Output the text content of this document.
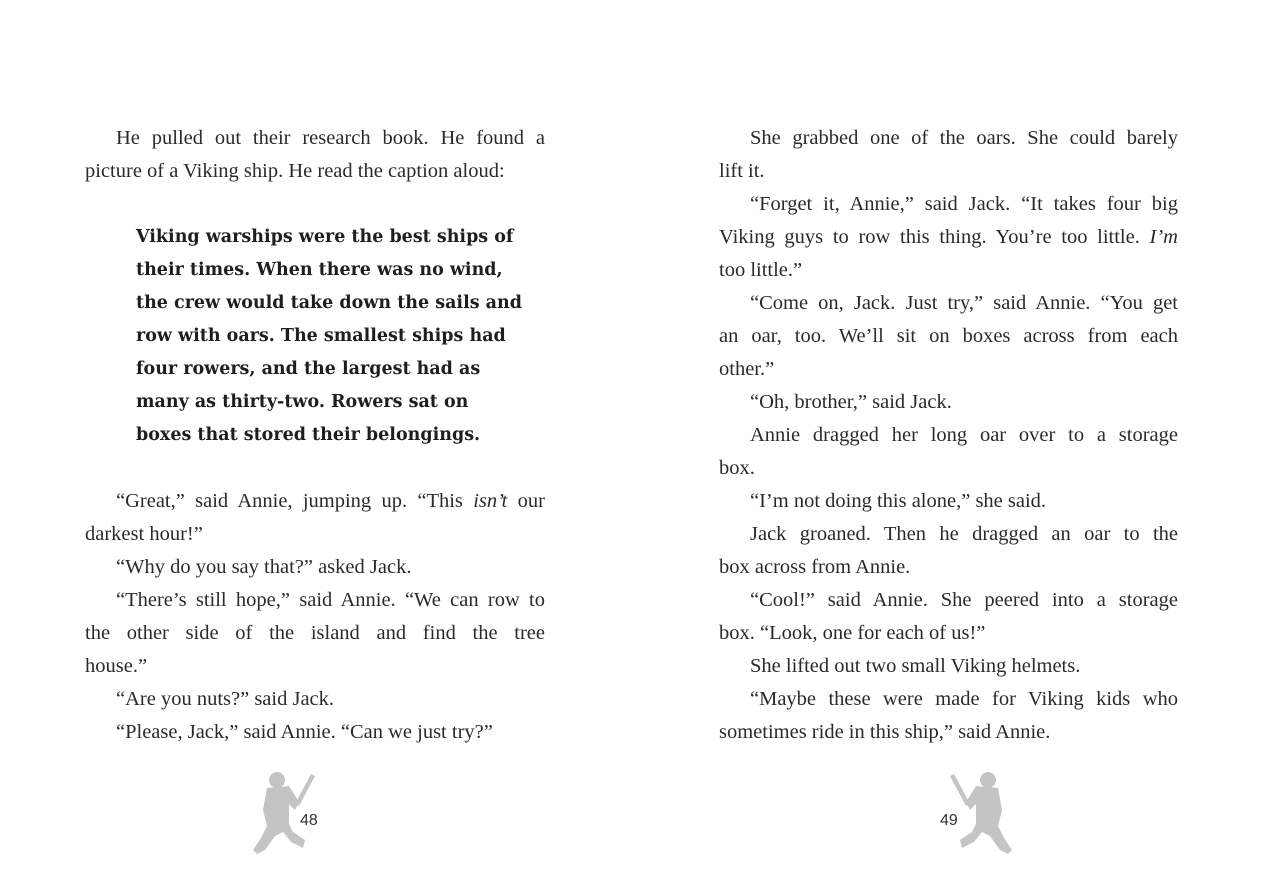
He pulled out their research book. He found a
picture of a Viking ship. He read the caption aloud:

Viking warships were the best ships of
their times. When there was no wind,
the crew would take down the sails and
row with oars. The smallest ships had
four rowers, and the largest had as
many as thirty-two. Rowers sat on
boxes that stored their belongings.

“Great,” said Annie, jumping up. “This isn’t our
darkest hour!”

“Why do you say that?” asked Jack.

“There’s still hope,” said Annie. “We can row to
the other side of the island and find the tree
house.”

“Are you nuts?” said Jack.

“Please, Jack,” said Annie. “Can we just try?”

48

She grabbed one of the oars. She could barely
lift it.

“Forget it, Annie,” said Jack. “It takes four big
Viking guys to row this thing. You’re too little. I’m
too little.”

“Come on, Jack. Just try,” said Annie. “You get
an oar, too. We’ll sit on boxes across from each
other.”

“Oh, brother,” said Jack.

Annie dragged her long oar over to a storage
box.

“I’m not doing this alone,” she said.

Jack groaned. Then he dragged an oar to the
box across from Annie.

“Cool!” said Annie. She peered into a storage
box. “Look, one for each of us!”

She lifted out two small Viking helmets.

“Maybe these were made for Viking kids who
sometimes ride in this ship,” said Annie.

49
